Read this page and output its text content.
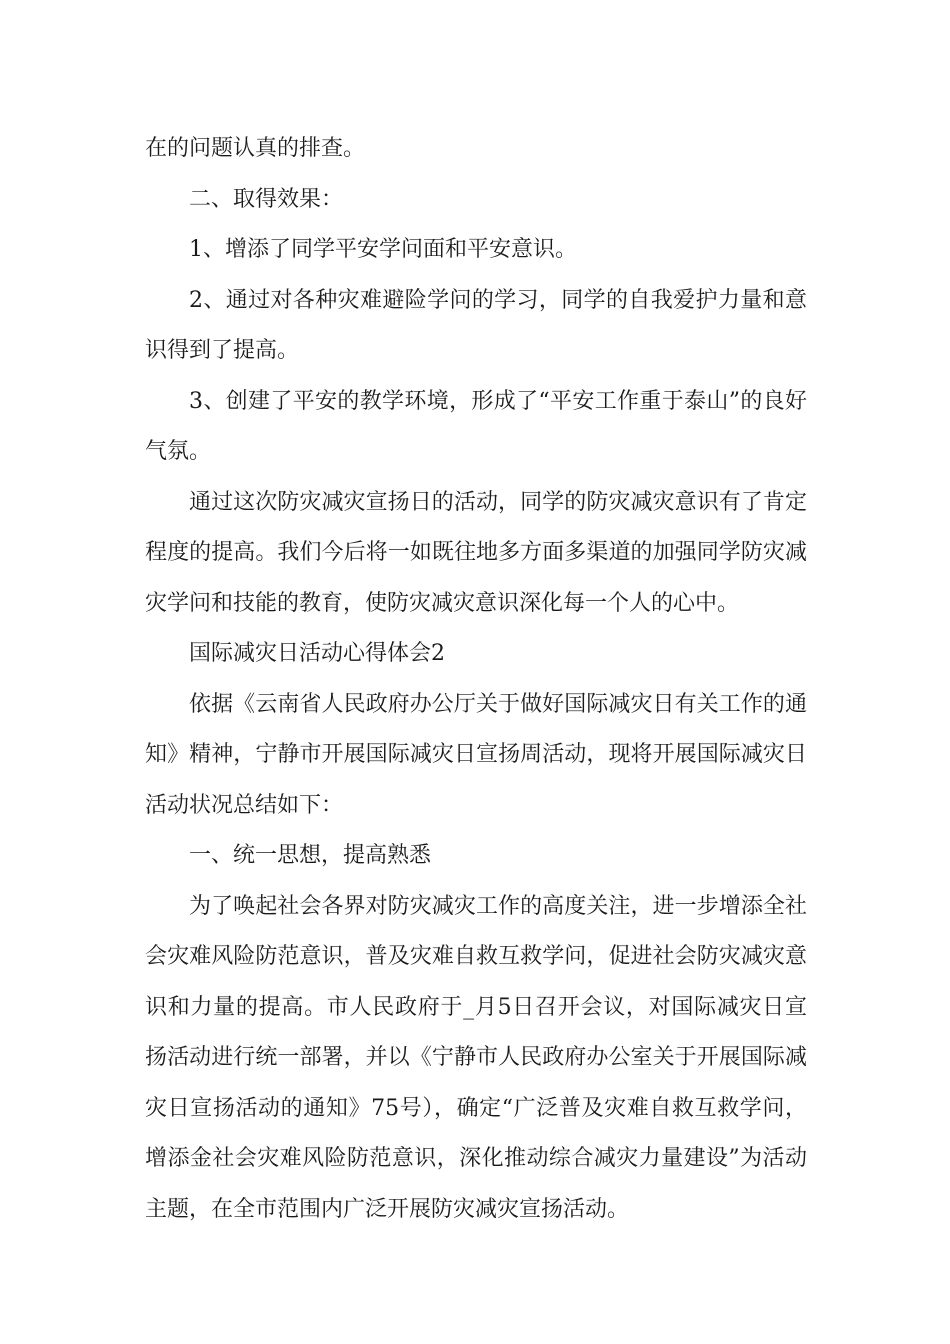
在的问题认真的排查。

二、取得效果：

1、增添了同学平安学问面和平安意识。

2、通过对各种灾难避险学问的学习，同学的自我爱护力量和意识得到了提高。

3、创建了平安的教学环境，形成了“平安工作重于泰山”的良好气氛。

通过这次防灾减灾宣扬日的活动，同学的防灾减灾意识有了肯定程度的提高。我们今后将一如既往地多方面多渠道的加强同学防灾减灾学问和技能的教育，使防灾减灾意识深化每一个人的心中。

国际减灾日活动心得体会2

依据《云南省人民政府办公厅关于做好国际减灾日有关工作的通知》精神，宁静市开展国际减灾日宣扬周活动，现将开展国际减灾日活动状况总结如下：

一、统一思想，提高熟悉

为了唤起社会各界对防灾减灾工作的高度关注，进一步增添全社会灾难风险防范意识，普及灾难自救互救学问，促进社会防灾减灾意识和力量的提高。市人民政府于_月5日召开会议，对国际减灾日宣扬活动进行统一部署，并以《宁静市人民政府办公室关于开展国际减灾日宣扬活动的通知》75号），确定“广泛普及灾难自救互救学问，增添金社会灾难风险防范意识，深化推动综合减灾力量建设”为活动主题，在全市范围内广泛开展防灾减灾宣扬活动。
